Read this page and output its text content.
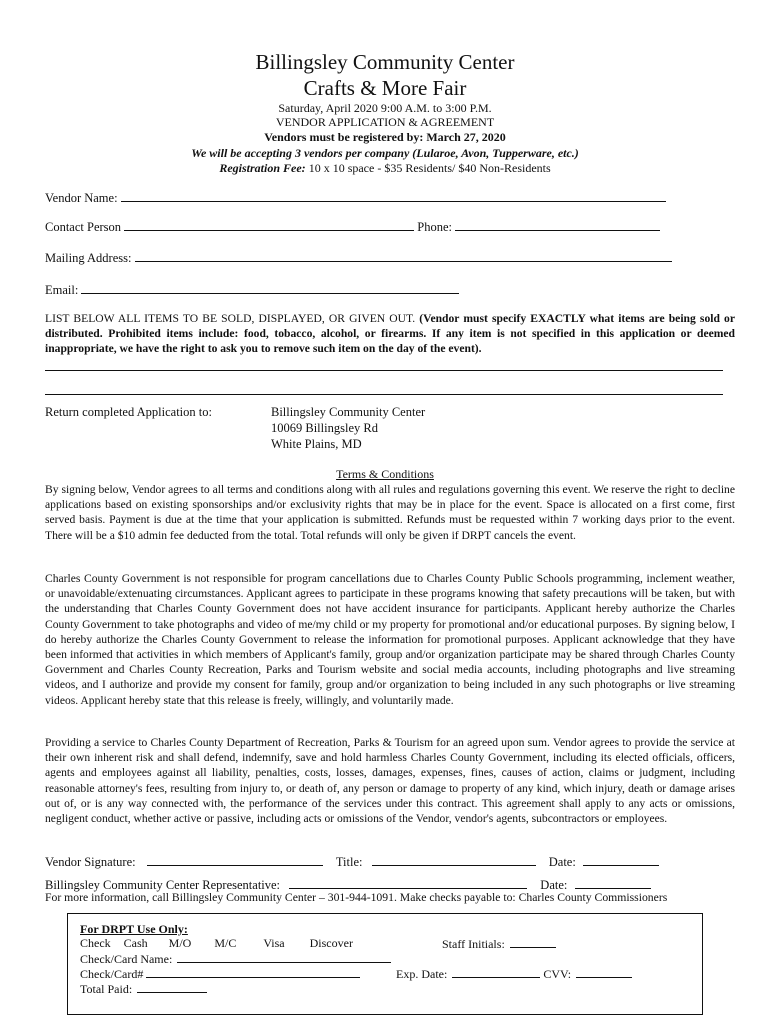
Billingsley Community Center
Crafts & More Fair
Saturday, April 2020 9:00 A.M. to 3:00 P.M.
VENDOR APPLICATION & AGREEMENT
Vendors must be registered by: March 27, 2020
We will be accepting 3 vendors per company (Lularoe, Avon, Tupperware, etc.)
Registration Fee: 10 x 10 space - $35 Residents/ $40 Non-Residents
Vendor Name:
Contact Person	Phone:
Mailing Address:
Email:
LIST BELOW ALL ITEMS TO BE SOLD, DISPLAYED, OR GIVEN OUT. (Vendor must specify EXACTLY what items are being sold or distributed. Prohibited items include: food, tobacco, alcohol, or firearms. If any item is not specified in this application or deemed inappropriate, we have the right to ask you to remove such item on the day of the event).
Return completed Application to:	Billingsley Community Center
10069 Billingsley Rd
White Plains, MD
Terms & Conditions
By signing below, Vendor agrees to all terms and conditions along with all rules and regulations governing this event. We reserve the right to decline applications based on existing sponsorships and/or exclusivity rights that may be in place for the event. Space is allocated on a first come, first served basis. Payment is due at the time that your application is submitted. Refunds must be requested within 7 working days prior to the event. There will be a $10 admin fee deducted from the total. Total refunds will only be given if DRPT cancels the event.
Charles County Government is not responsible for program cancellations due to Charles County Public Schools programming, inclement weather, or unavoidable/extenuating circumstances. Applicant agrees to participate in these programs knowing that safety precautions will be taken, but with the understanding that Charles County Government does not have accident insurance for participants. Applicant hereby authorize the Charles County Government to take photographs and video of me/my child or my property for promotional and/or educational purposes. By signing below, I do hereby authorize the Charles County Government to release the information for promotional purposes. Applicant acknowledge that they have been informed that activities in which members of Applicant's family, group and/or organization participate may be shared through Charles County Government and Charles County Recreation, Parks and Tourism website and social media accounts, including photographs and live streaming videos, and I authorize and provide my consent for family, group and/or organization to being included in any such photographs or live streaming videos. Applicant hereby state that this release is freely, willingly, and voluntarily made.
Providing a service to Charles County Department of Recreation, Parks & Tourism for an agreed upon sum. Vendor agrees to provide the service at their own inherent risk and shall defend, indemnify, save and hold harmless Charles County Government, including its elected officials, officers, agents and employees against all liability, penalties, costs, losses, damages, expenses, fines, causes of action, claims or judgment, including reasonable attorney's fees, resulting from injury to, or death of, any person or damage to property of any kind, which injury, death or damage arises out of, or is any way connected with, the performance of the services under this contract. This agreement shall apply to any acts or omissions, negligent conduct, whether active or passive, including acts or omissions of the Vendor, vendor's agents, subcontractors or employees.
Vendor Signature:	Title:	Date:
Billingsley Community Center Representative:	Date:
For more information, call Billingsley Community Center – 301-944-1091. Make checks payable to: Charles County Commissioners
For DRPT Use Only:
Check Cash M/O M/C Visa Discover	Staff Initials:
Check/Card Name:
Check/Card#	Exp. Date:	CVV:
Total Paid:
